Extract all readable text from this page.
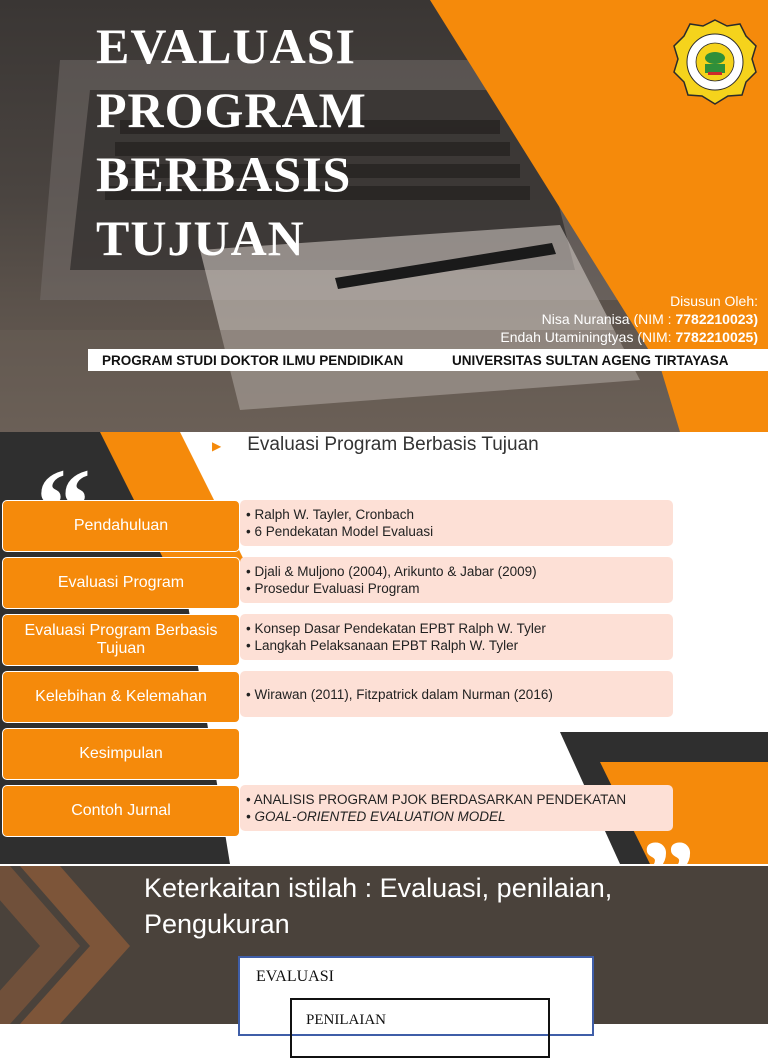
EVALUASI
PROGRAM
BERBASIS
TUJUAN
Disusun Oleh:
Nisa Nuranisa (NIM : 7782210023)
Endah Utaminingtyas (NIM: 7782210025)
PROGRAM STUDI DOKTOR ILMU PENDIDIKAN	UNIVERSITAS SULTAN AGENG TIRTAYASA
▶ Evaluasi Program Berbasis Tujuan
Pendahuluan
• Ralph W. Tayler, Cronbach
• 6 Pendekatan Model Evaluasi
Evaluasi Program
• Djali & Muljono (2004), Arikunto & Jabar (2009)
• Prosedur Evaluasi Program
Evaluasi Program Berbasis Tujuan
• Konsep Dasar Pendekatan EPBT Ralph W. Tyler
• Langkah Pelaksanaan EPBT Ralph W. Tyler
Kelebihan & Kelemahan	• Wirawan (2011), Fitzpatrick dalam Nurman (2016)
Kesimpulan
Contoh Jurnal
• ANALISIS PROGRAM PJOK BERDASARKAN PENDEKATAN
• GOAL-ORIENTED EVALUATION MODEL
Keterkaitan istilah : Evaluasi, penilaian,
Pengukuran
EVALUASI
PENILAIAN
